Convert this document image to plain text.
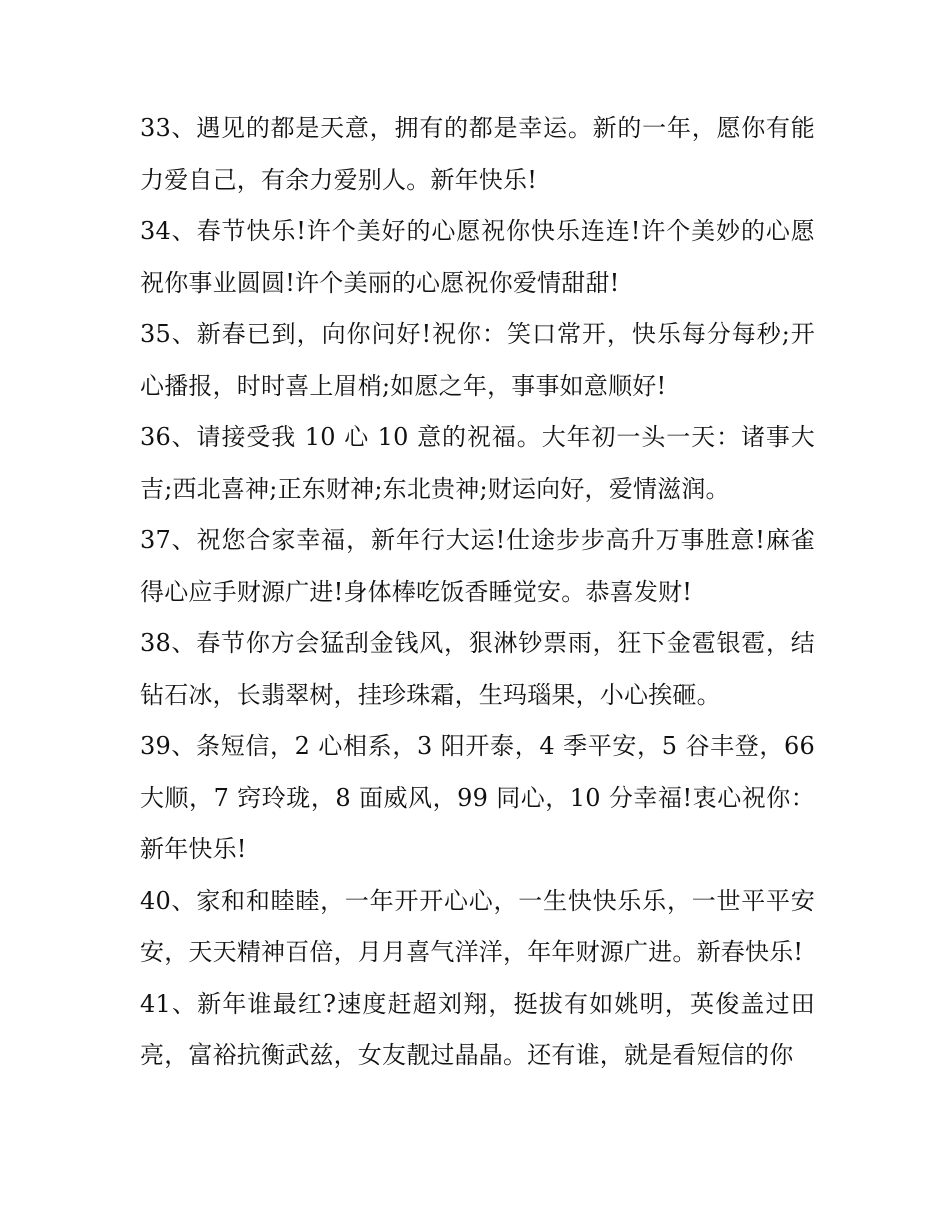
33、遇见的都是天意，拥有的都是幸运。新的一年，愿你有能力爱自己，有余力爱别人。新年快乐!

34、春节快乐!许个美好的心愿祝你快乐连连!许个美妙的心愿祝你事业圆圆!许个美丽的心愿祝你爱情甜甜!

35、新春已到，向你问好!祝你：笑口常开，快乐每分每秒;开心播报，时时喜上眉梢;如愿之年，事事如意顺好!

36、请接受我 10 心 10 意的祝福。大年初一头一天：诸事大吉;西北喜神;正东财神;东北贵神;财运向好，爱情滋润。

37、祝您合家幸福，新年行大运!仕途步步高升万事胜意!麻雀得心应手财源广进!身体棒吃饭香睡觉安。恭喜发财!

38、春节你方会猛刮金钱风，狠淋钞票雨，狂下金雹银雹，结钻石冰，长翡翠树，挂珍珠霜，生玛瑙果，小心挨砸。

39、条短信，2 心相系，3 阳开泰，4 季平安，5 谷丰登，66 大顺，7 窍玲珑，8 面威风，99 同心，10 分幸福!衷心祝你：新年快乐!

40、家和和睦睦，一年开开心心，一生快快乐乐，一世平平安安，天天精神百倍，月月喜气洋洋，年年财源广进。新春快乐!

41、新年谁最红?速度赶超刘翔，挺拔有如姚明，英俊盖过田亮，富裕抗衡武兹，女友靓过晶晶。还有谁，就是看短信的你
